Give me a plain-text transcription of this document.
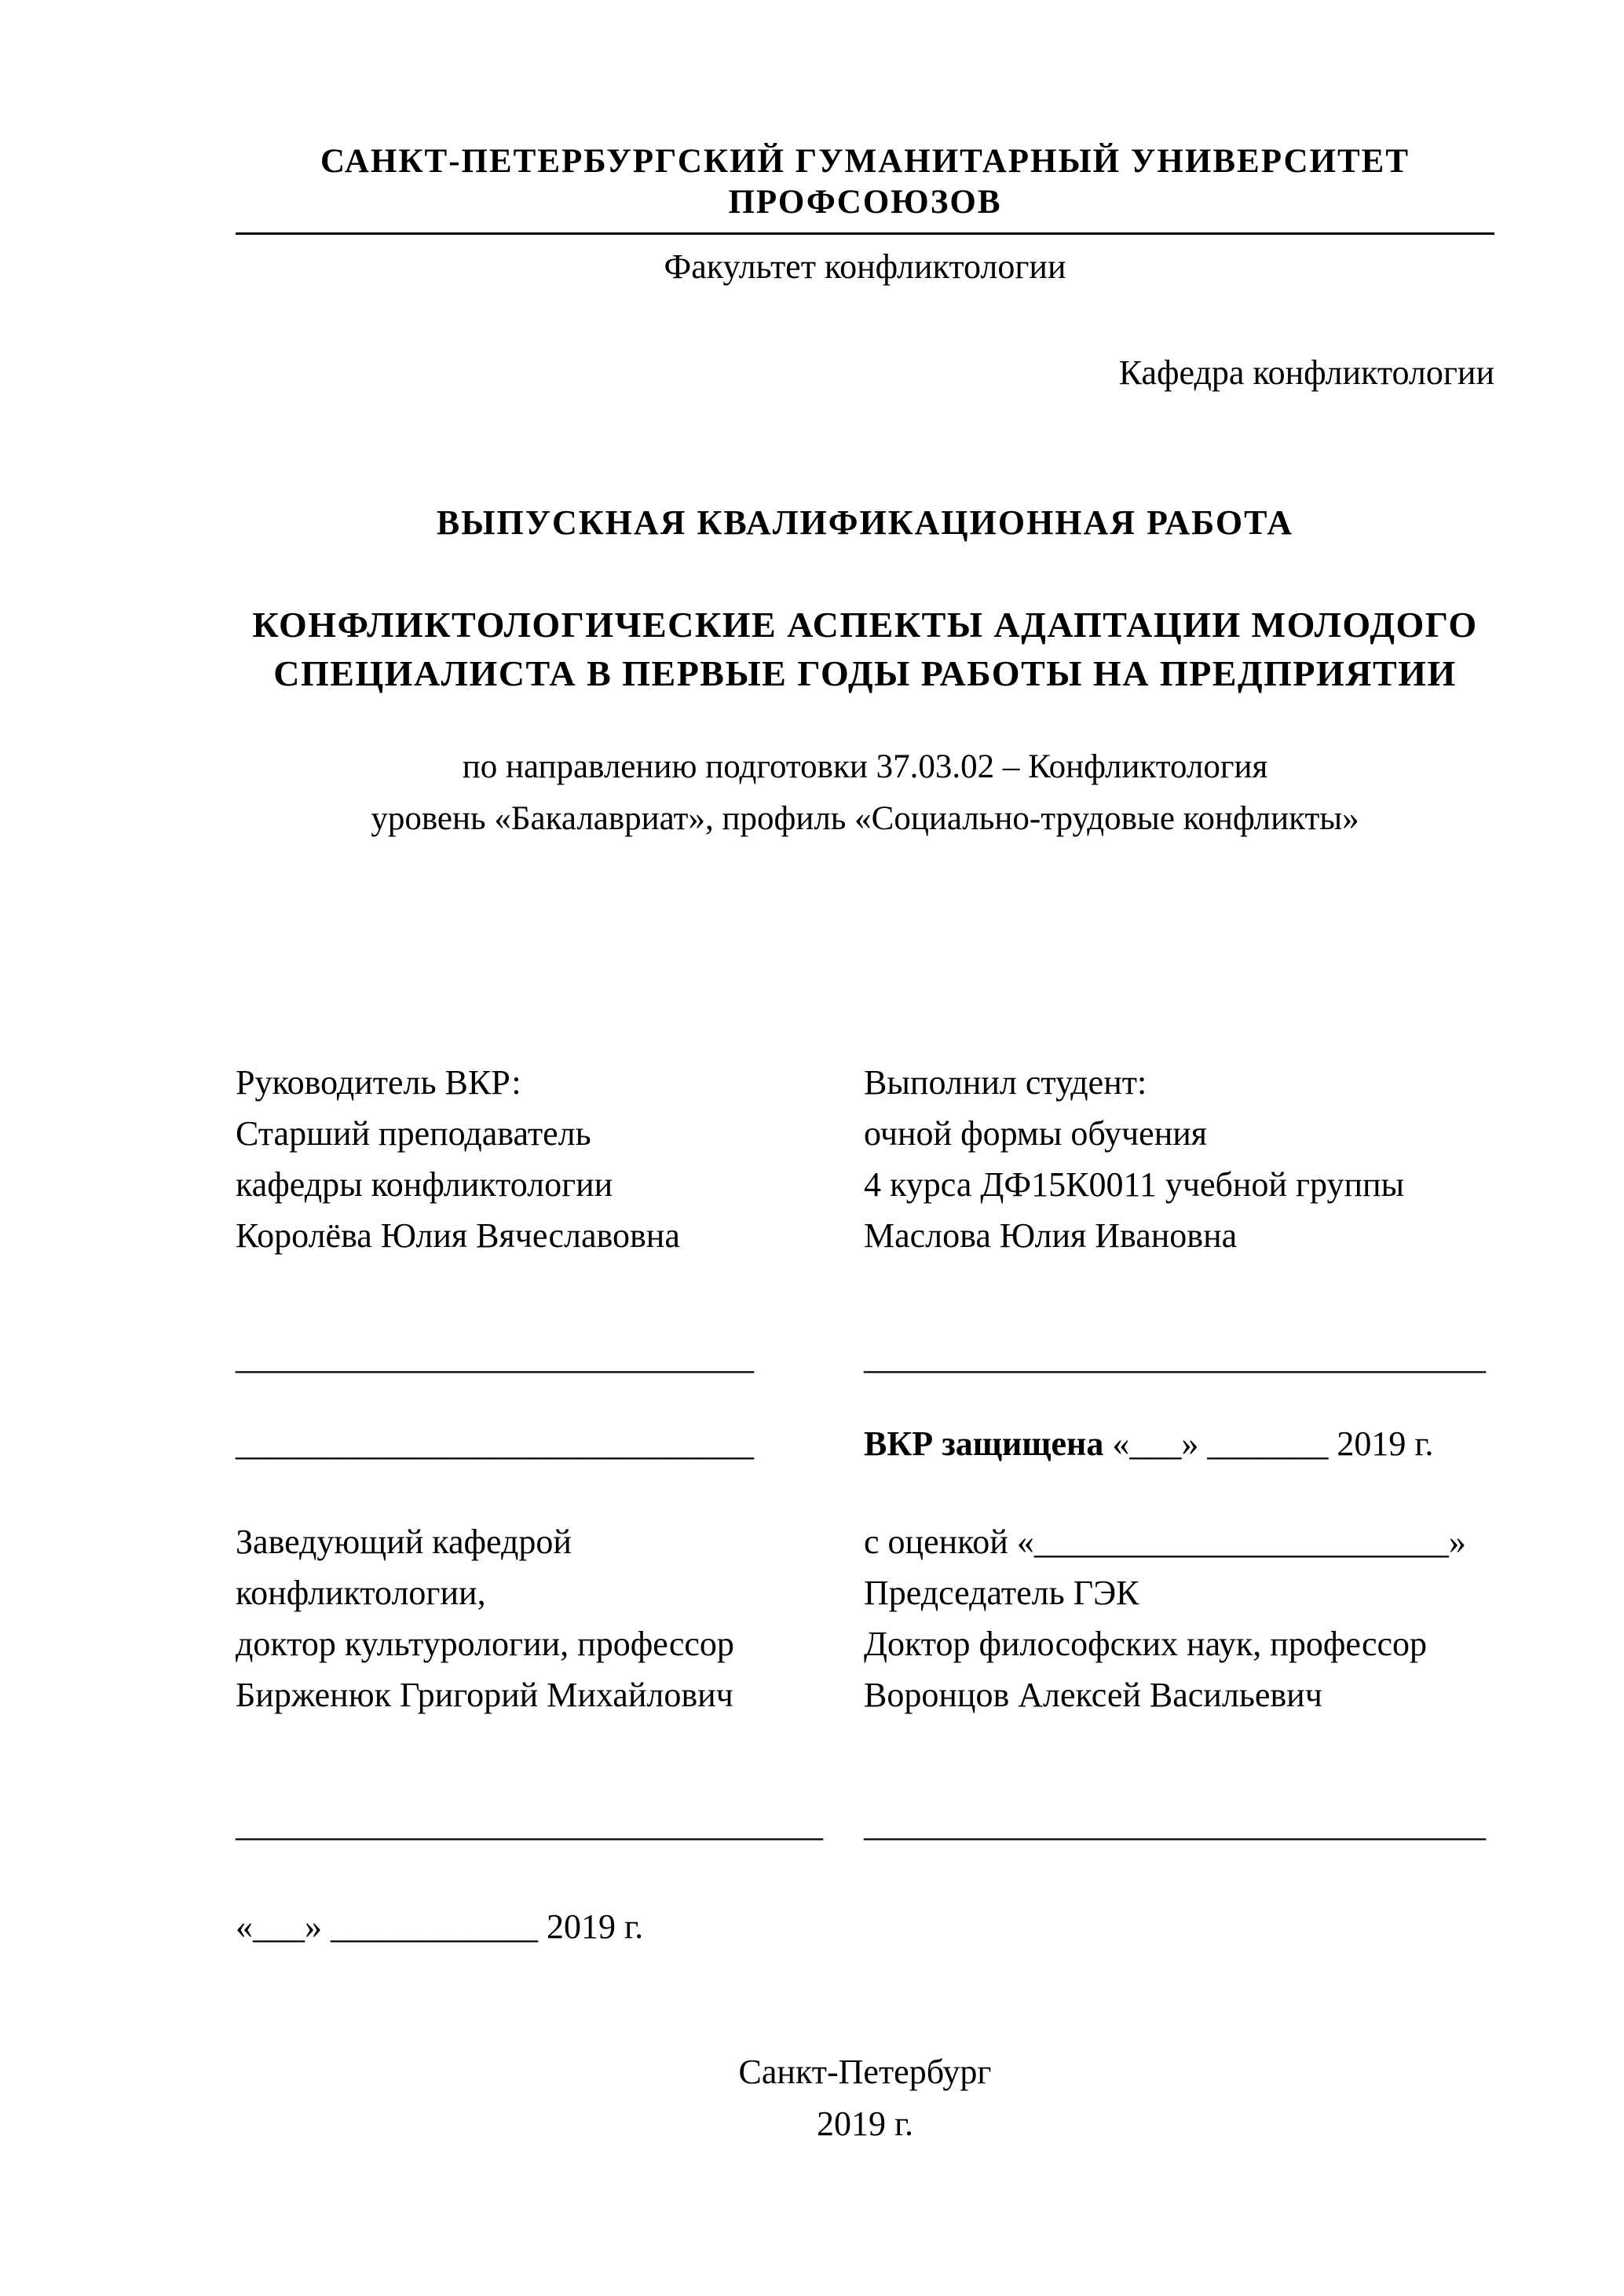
САНКТ-ПЕТЕРБУРГСКИЙ ГУМАНИТАРНЫЙ УНИВЕРСИТЕТ ПРОФСОЮЗОВ
Факультет конфликтологии
Кафедра конфликтологии
ВЫПУСКНАЯ КВАЛИФИКАЦИОННАЯ РАБОТА
КОНФЛИКТОЛОГИЧЕСКИЕ АСПЕКТЫ АДАПТАЦИИ МОЛОДОГО
СПЕЦИАЛИСТА В ПЕРВЫЕ ГОДЫ РАБОТЫ НА ПРЕДПРИЯТИИ
по направлению подготовки 37.03.02 – Конфликтология
уровень «Бакалавриат», профиль «Социально-трудовые конфликты»
Руководитель ВКР:
Старший преподаватель
кафедры конфликтологии
Королёва Юлия Вячеславовна
Выполнил студент:
очной формы обучения
4 курса ДФ15К0011 учебной группы
Маслова Юлия Ивановна
______________________________	____________________________________
______________________________	ВКР защищена «___» _______ 2019 г.
Заведующий кафедрой
конфликтологии,
доктор культурологии, профессор
Бирженюк Григорий Михайлович
с оценкой «________________________»
Председатель ГЭК
Доктор философских наук, профессор
Воронцов Алексей Васильевич
__________________________________	____________________________________
«___» ____________ 2019 г.
Санкт-Петербург
2019 г.
